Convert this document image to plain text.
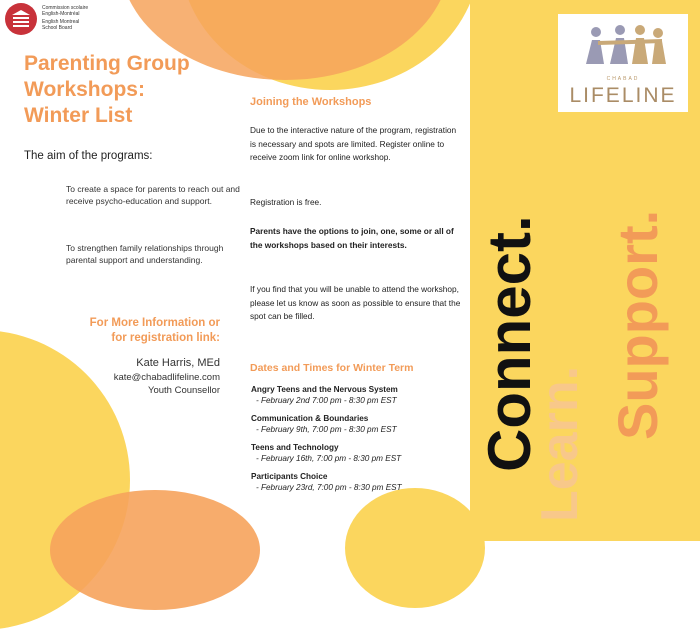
Commission scolaire
English-Montréal
English Montreal
School Board
Parenting Group
Workshops:
Winter List
The aim of the programs:
To create a space for parents to reach out and receive psycho-education and support.
To strengthen family relationships through parental support and understanding.
For More Information or
for registration link:
Kate Harris, MEd
kate@chabadlifeline.com
Youth Counsellor
Joining the Workshops
Due to the interactive nature of the program, registration is necessary and spots are limited. Register online to receive zoom link for online workshop.
Registration is free.
Parents have the options to join, one, some or all of the workshops based on their interests.
If you find that you will be unable to attend the workshop, please let us know as soon as possible to ensure that the spot can be filled.
Dates and Times for Winter Term
Angry Teens and the Nervous System
- February 2nd 7:00 pm - 8:30 pm EST
Communication & Boundaries
- February 9th, 7:00 pm - 8:30 pm EST
Teens and Technology
- February 16th, 7:00 pm - 8:30 pm EST
Participants Choice
- February 23rd, 7:00 pm - 8:30 pm EST
CHABAD
LIFELINE
Connect.
Learn.
Support.
